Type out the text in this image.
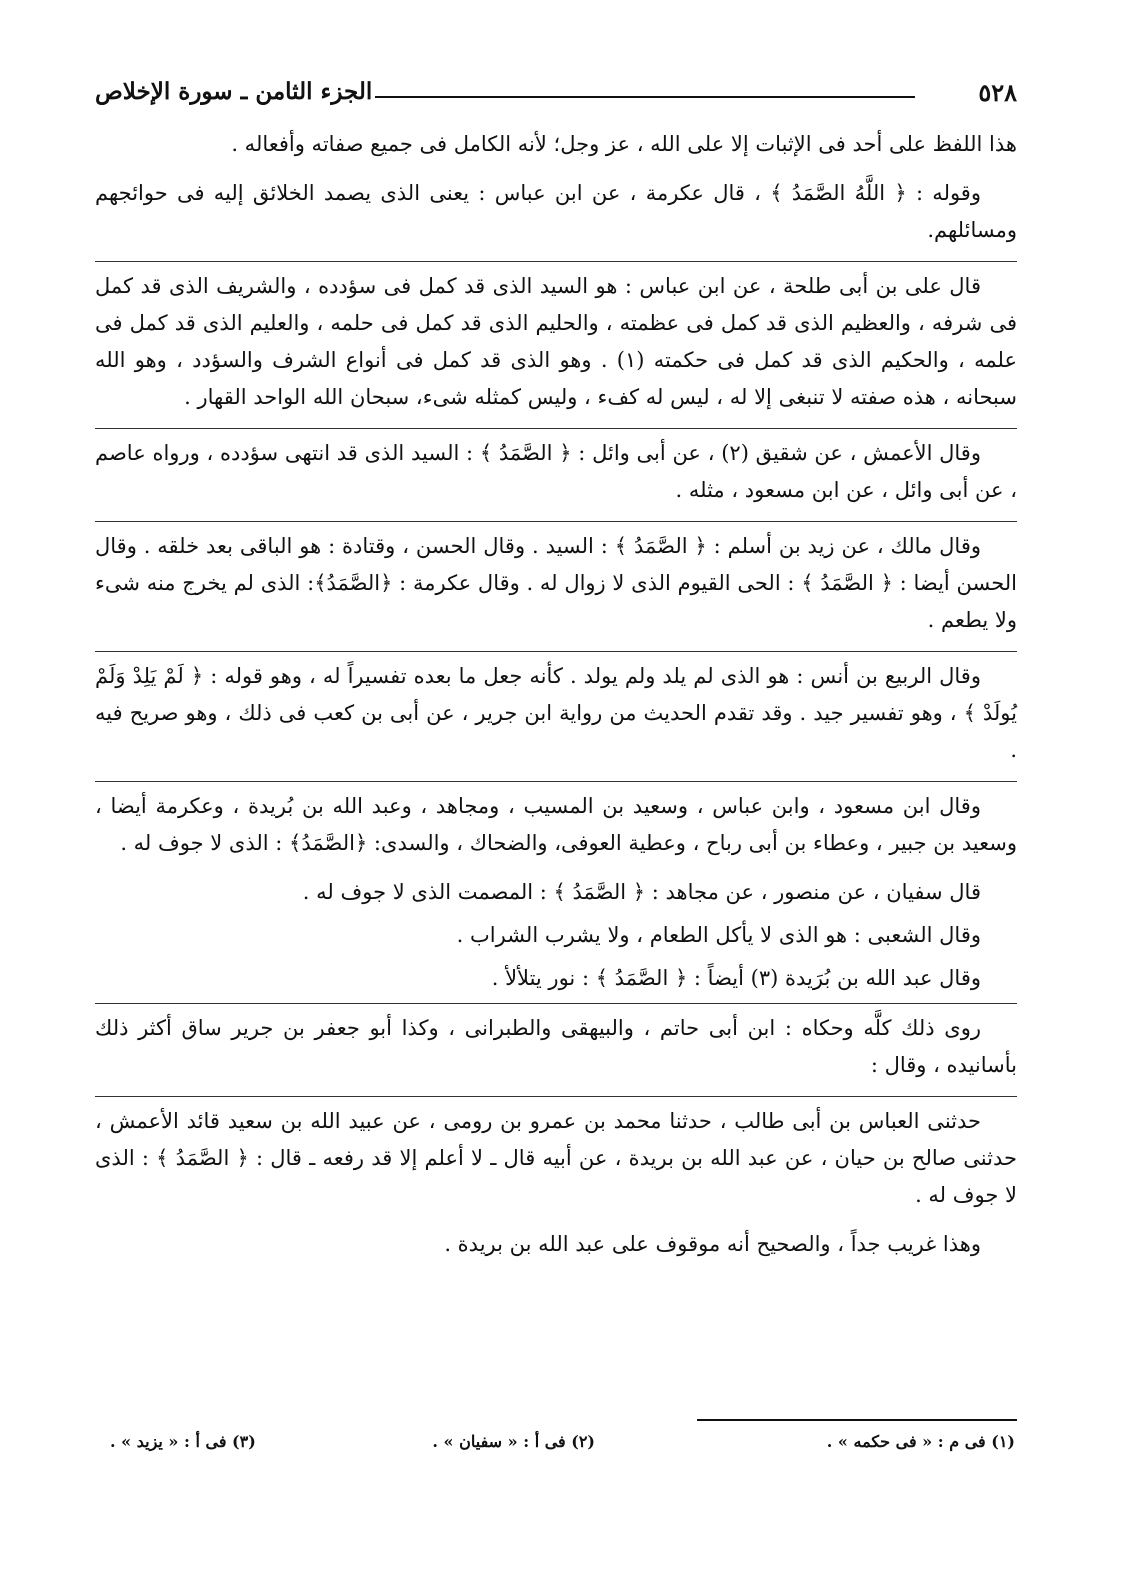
٥٢٨
الجزء الثامن ـ سورة الإخلاص

هذا اللفظ على أحد فى الإثبات إلا على الله ، عز وجل؛ لأنه الكامل فى جميع صفاته وأفعاله .

وقوله : ﴿ اللَّهُ الصَّمَدُ ﴾ ، قال عكرمة ، عن ابن عباس : يعنى الذى يصمد الخلائق إليه فى حوائجهم ومسائلهم.

قال على بن أبى طلحة ، عن ابن عباس : هو السيد الذى قد كمل فى سؤدده ، والشريف الذى قد كمل فى شرفه ، والعظيم الذى قد كمل فى عظمته ، والحليم الذى قد كمل فى حلمه ، والعليم الذى قد كمل فى علمه ، والحكيم الذى قد كمل فى حكمته (١) . وهو الذى قد كمل فى أنواع الشرف والسؤدد ، وهو الله سبحانه ، هذه صفته لا تنبغى إلا له ، ليس له كفء ، وليس كمثله شىء، سبحان الله الواحد القهار .

وقال الأعمش ، عن شقيق (٢) ، عن أبى وائل : ﴿ الصَّمَدُ ﴾ : السيد الذى قد انتهى سؤدده ، ورواه عاصم ، عن أبى وائل ، عن ابن مسعود ، مثله .

وقال مالك ، عن زيد بن أسلم : ﴿ الصَّمَدُ ﴾ : السيد . وقال الحسن ، وقتادة : هو الباقى بعد خلقه . وقال الحسن أيضا : ﴿ الصَّمَدُ ﴾ : الحى القيوم الذى لا زوال له . وقال عكرمة : ﴿الصَّمَدُ﴾: الذى لم يخرج منه شىء ولا يطعم .

وقال الربيع بن أنس : هو الذى لم يلد ولم يولد . كأنه جعل ما بعده تفسيراً له ، وهو قوله : ﴿ لَمْ يَلِدْ وَلَمْ يُولَدْ ﴾ ، وهو تفسير جيد . وقد تقدم الحديث من رواية ابن جرير ، عن أبى بن كعب فى ذلك ، وهو صريح فيه .

وقال ابن مسعود ، وابن عباس ، وسعيد بن المسيب ، ومجاهد ، وعبد الله بن بُريدة ، وعكرمة أيضا ، وسعيد بن جبير ، وعطاء بن أبى رباح ، وعطية العوفى، والضحاك ، والسدى: ﴿الصَّمَدُ﴾ : الذى لا جوف له .

قال سفيان ، عن منصور ، عن مجاهد : ﴿ الصَّمَدُ ﴾ : المصمت الذى لا جوف له .

وقال الشعبى : هو الذى لا يأكل الطعام ، ولا يشرب الشراب .

وقال عبد الله بن بُرَيدة (٣) أيضاً : ﴿ الصَّمَدُ ﴾ : نور يتلألأ .

روى ذلك كلَّه وحكاه : ابن أبى حاتم ، والبيهقى والطبرانى ، وكذا أبو جعفر بن جرير ساق أكثر ذلك بأسانيده ، وقال :

حدثنى العباس بن أبى طالب ، حدثنا محمد بن عمرو بن رومى ، عن عبيد الله بن سعيد قائد الأعمش ، حدثنى صالح بن حيان ، عن عبد الله بن بريدة ، عن أبيه قال ـ لا أعلم إلا قد رفعه ـ قال : ﴿ الصَّمَدُ ﴾ : الذى لا جوف له .

وهذا غريب جداً ، والصحيح أنه موقوف على عبد الله بن بريدة .

(١) فى م : « فى حكمه » .
(٢) فى أ : « سفيان » .
(٣) فى أ : « يزيد » .
